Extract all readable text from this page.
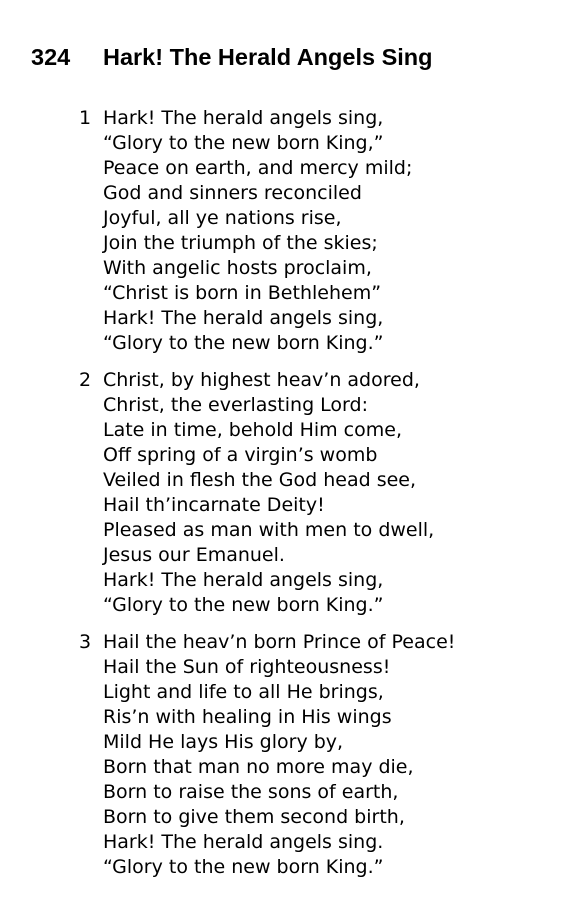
324	Hark! The Herald Angels Sing
1 Hark! The herald angels sing,
“Glory to the new born King,”
Peace on earth, and mercy mild;
God and sinners reconciled
Joyful, all ye nations rise,
Join the triumph of the skies;
With angelic hosts proclaim,
“Christ is born in Bethlehem”
Hark! The herald angels sing,
“Glory to the new born King.”
2 Christ, by highest heav’n adored,
Christ, the everlasting Lord:
Late in time, behold Him come,
Off spring of a virgin’s womb
Veiled in flesh the God head see,
Hail th’incarnate Deity!
Pleased as man with men to dwell,
Jesus our Emanuel.
Hark! The herald angels sing,
“Glory to the new born King.”
3 Hail the heav’n born Prince of Peace!
Hail the Sun of righteousness!
Light and life to all He brings,
Ris’n with healing in His wings
Mild He lays His glory by,
Born that man no more may die,
Born to raise the sons of earth,
Born to give them second birth,
Hark! The herald angels sing.
“Glory to the new born King.”
